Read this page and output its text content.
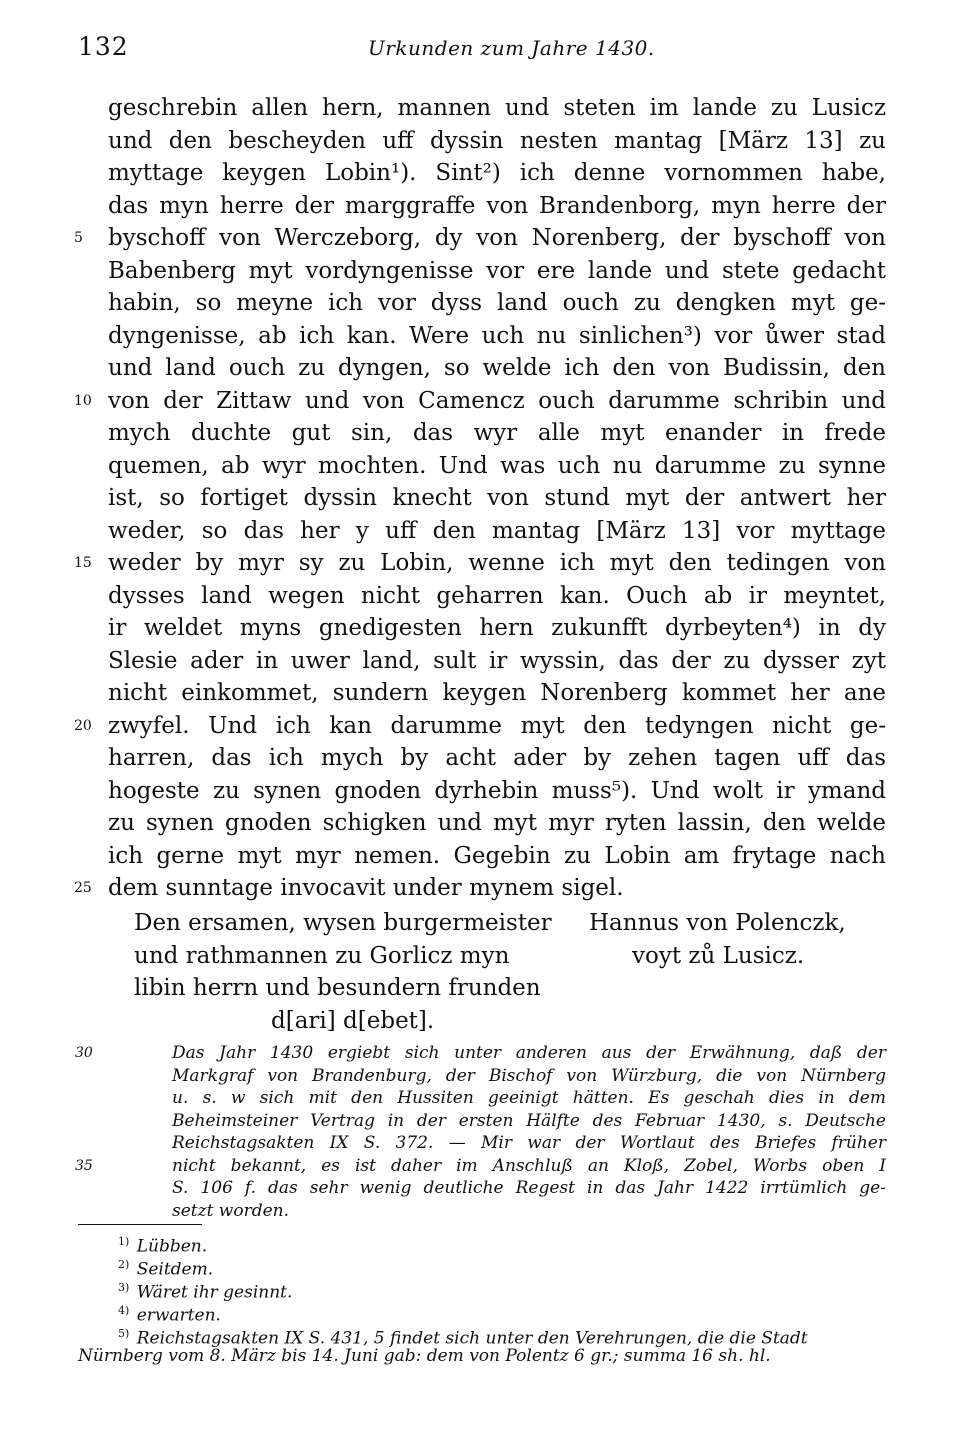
132	Urkunden zum Jahre 1430.
geschrebin allen hern, mannen und steten im lande zu Lusicz
und den bescheyden uff dyssin nesten mantag [März 13] zu
myttage keygen Lobin¹). Sint²) ich denne vornommen habe,
das myn herre der marggraffe von Brandenborg, myn herre der
5	byschoff von Werczeborg, dy von Norenberg, der byschoff von
Babenberg myt vordyngenisse vor ere lande und stete gedacht
habin, so meyne ich vor dyss land ouch zu dengken myt ge-
dyngenisse, ab ich kan. Were uch nu sinlichen³) vor ůwer stad
und land ouch zu dyngen, so welde ich den von Budissin, den
10 von der Zittaw und von Camencz ouch darumme schribin und
mych duchte gut sin, das wyr alle myt enander in frede
quemen, ab wyr mochten. Und was uch nu darumme zu synne
ist, so fortiget dyssin knecht von stund myt der antwert her
weder, so das her y uff den mantag [März 13] vor myttage
15 weder by myr sy zu Lobin, wenne ich myt den tedingen von
dysses land wegen nicht geharren kan. Ouch ab ir meyntet,
ir weldet myns gnedigesten hern zukunfft dyrbeyten⁴) in dy
Slesie ader in uwer land, sult ir wyssin, das der zu dysser zyt
nicht einkommet, sundern keygen Norenberg kommet her ane
20 zwyfel. Und ich kan darumme myt den tedyngen nicht ge-
harren, das ich mych by acht ader by zehen tagen uff das
hogeste zu synen gnoden dyrhebin muss⁵). Und wolt ir ymand
zu synen gnoden schigken und myt myr ryten lassin, den welde
ich gerne myt myr nemen. Gegebin zu Lobin am frytage nach
25 dem sunntage invocavit under mynem sigel.
Den ersamen, wysen burgermeister
und rathmannen zu Gorlicz myn
libin herrn und besundern frunden
d[ari] d[ebet].
Hannus von Polenczk,
voyt zů Lusicz.
30	Das Jahr 1430 ergiebt sich unter anderen aus der Erwähnung, daß der
Markgraf von Brandenburg, der Bischof von Würzburg, die von Nürnberg
u. s. w sich mit den Hussiten geeinigt hätten. Es geschah dies in dem
Beheimsteiner Vertrag in der ersten Hälfte des Februar 1430, s. Deutsche
Reichstagsakten IX S. 372. — Mir war der Wortlaut des Briefes früher
35	nicht bekannt, es ist daher im Anschluß an Kloß, Zobel, Worbs oben I
S. 106 f. das sehr wenig deutliche Regest in das Jahr 1422 irrtümlich ge-
setzt worden.
$^{1)}$ Lübben.
$^{2)}$ Seitdem.
$^{3)}$ Wäret ihr gesinnt.
$^{4)}$ erwarten.
$^{5)}$ Reichstagsakten IX S. 431, 5 findet sich unter den Verehrungen, die die Stadt
Nürnberg vom 8. März bis 14. Juni gab: dem von Polentz 6 gr.; summa 16 sh. hl.
